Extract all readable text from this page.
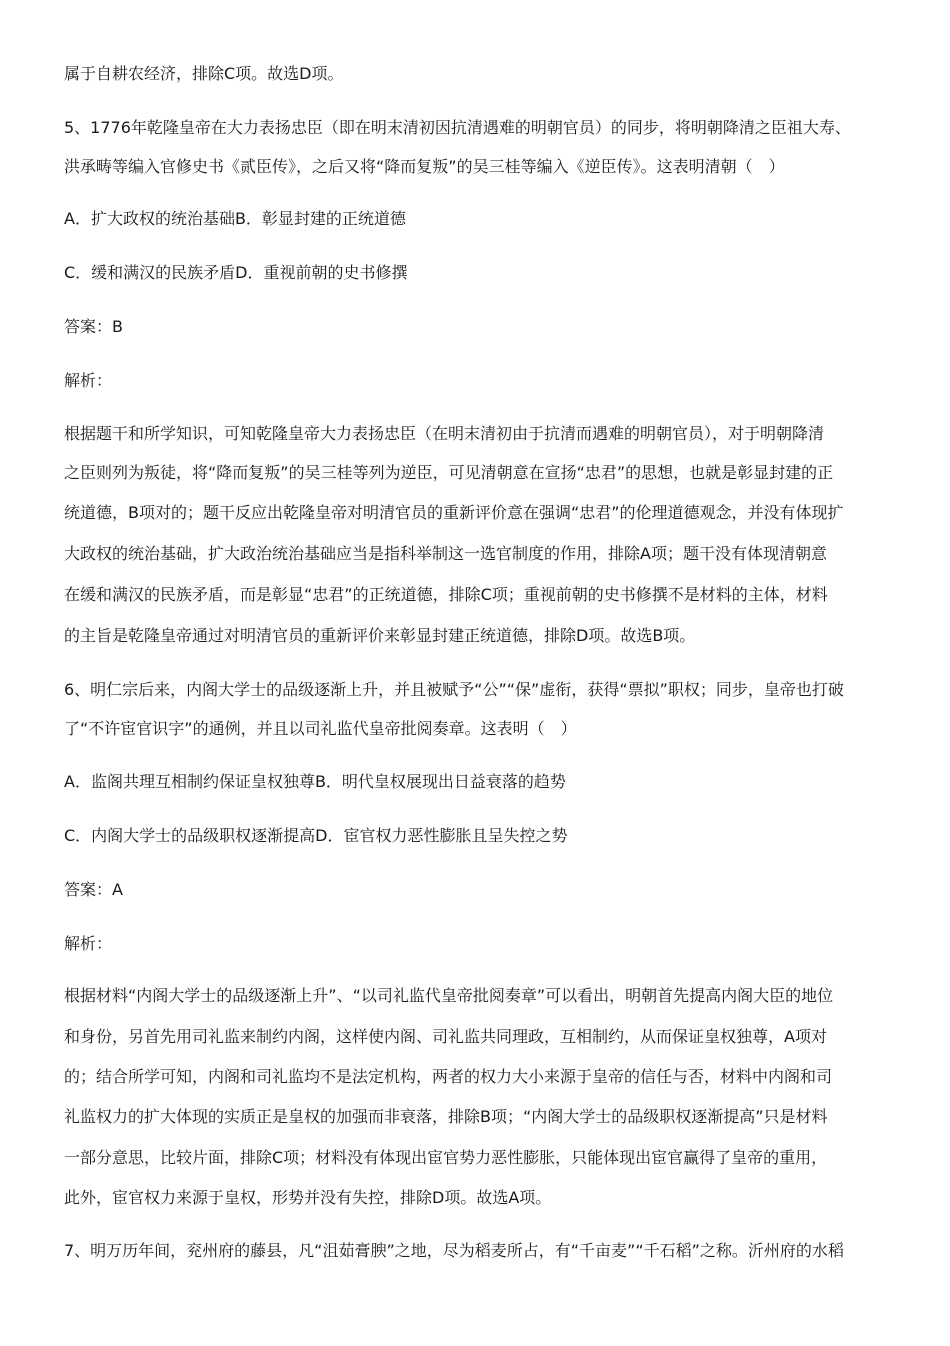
属于自耕农经济，排除C项。故选D项。
5、1776年乾隆皇帝在大力表扬忠臣（即在明末清初因抗清遇难的明朝官员）的同步，将明朝降清之臣祖大寿、
洪承畴等编入官修史书《贰臣传》，之后又将“降而复叛”的吴三桂等编入《逆臣传》。这表明清朝（　）
A．扩大政权的统治基础B．彰显封建的正统道德
C．缓和满汉的民族矛盾D．重视前朝的史书修撰
答案：B
解析：
根据题干和所学知识，可知乾隆皇帝大力表扬忠臣（在明末清初由于抗清而遇难的明朝官员），对于明朝降清
之臣则列为叛徒，将“降而复叛”的吴三桂等列为逆臣，可见清朝意在宣扬“忠君”的思想，也就是彰显封建的正
统道德，B项对的；题干反应出乾隆皇帝对明清官员的重新评价意在强调“忠君”的伦理道德观念，并没有体现扩
大政权的统治基础，扩大政治统治基础应当是指科举制这一选官制度的作用，排除A项；题干没有体现清朝意
在缓和满汉的民族矛盾，而是彰显“忠君”的正统道德，排除C项；重视前朝的史书修撰不是材料的主体，材料
的主旨是乾隆皇帝通过对明清官员的重新评价来彰显封建正统道德，排除D项。故选B项。
6、明仁宗后来，内阁大学士的品级逐渐上升，并且被赋予“公”“保”虚衔，获得“票拟”职权；同步，皇帝也打破
了“不许宦官识字”的通例，并且以司礼监代皇帝批阅奏章。这表明（　）
A．监阁共理互相制约保证皇权独尊B．明代皇权展现出日益衰落的趋势
C．内阁大学士的品级职权逐渐提高D．宦官权力恶性膨胀且呈失控之势
答案：A
解析：
根据材料“内阁大学士的品级逐渐上升”、“以司礼监代皇帝批阅奏章”可以看出，明朝首先提高内阁大臣的地位
和身份，另首先用司礼监来制约内阁，这样使内阁、司礼监共同理政，互相制约，从而保证皇权独尊，A项对
的；结合所学可知，内阁和司礼监均不是法定机构，两者的权力大小来源于皇帝的信任与否，材料中内阁和司
礼监权力的扩大体现的实质正是皇权的加强而非衰落，排除B项；“内阁大学士的品级职权逐渐提高”只是材料
一部分意思，比较片面，排除C项；材料没有体现出宦官势力恶性膨胀，只能体现出宦官赢得了皇帝的重用，
此外，宦官权力来源于皇权，形势并没有失控，排除D项。故选A项。
7、明万历年间，兖州府的藤县，凡“沮茹膏腴”之地，尽为稻麦所占，有“千亩麦”“千石稻”之称。沂州府的水稻
